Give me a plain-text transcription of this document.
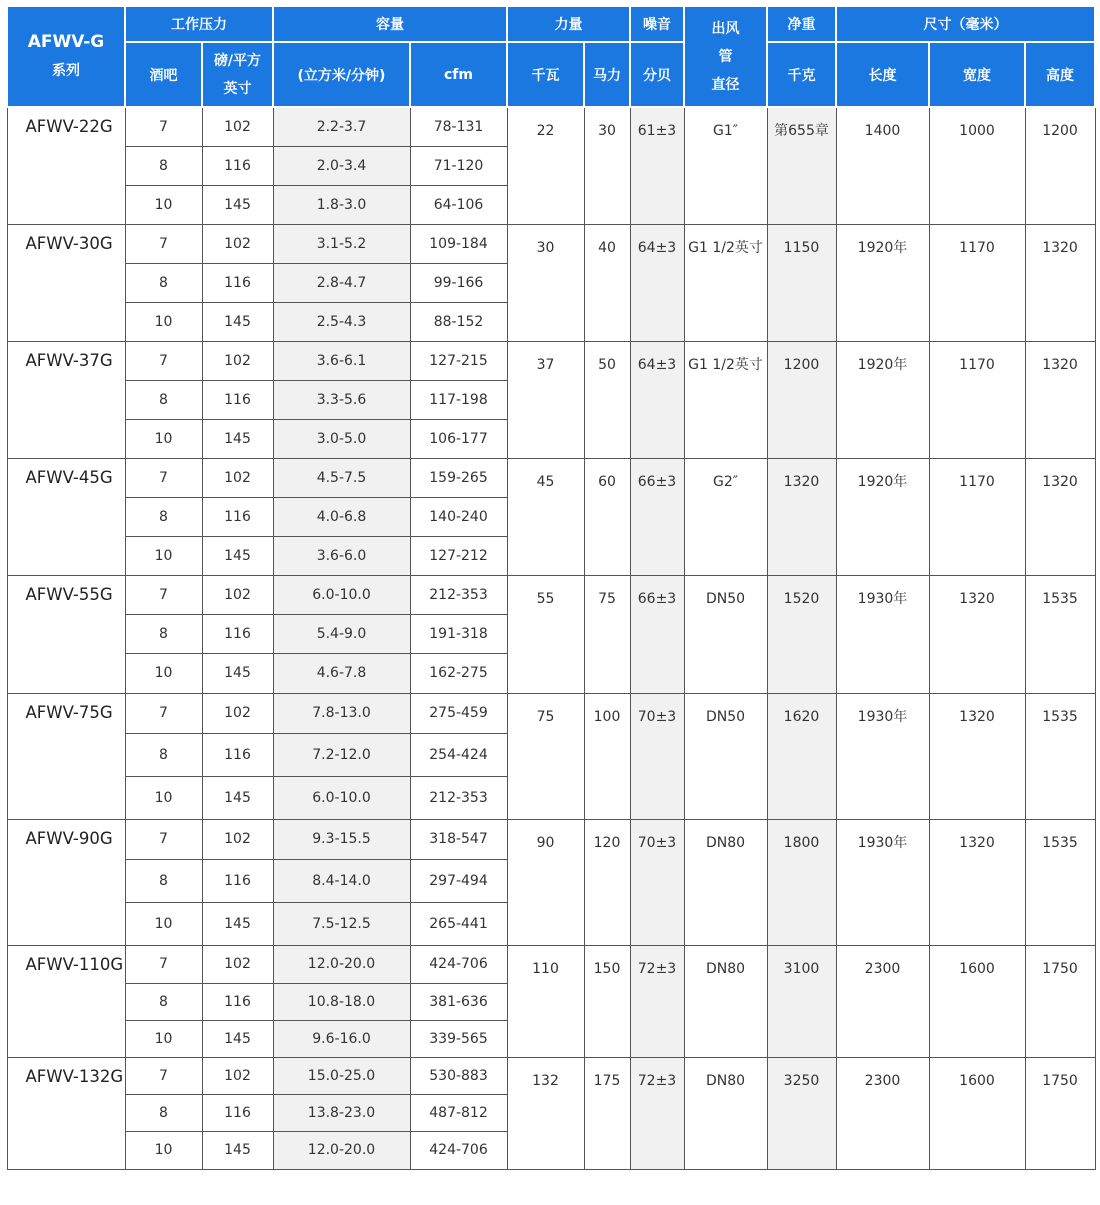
AFWV-G
系列	工作压力		容量		力量		噪音	出风
管
直径	净重	尺寸（毫米）		
	酒吧	磅/平方
英寸	(立方米/分钟)	cfm	千瓦	马力	分贝		千克	长度	宽度	高度
AFWV-22G	7	102	2.2-3.7	78-131	22	30	61±3	G1″	第655章	1400	1000	1200
	8	116	2.0-3.4	71-120								
	10	145	1.8-3.0	64-106								
AFWV-30G	7	102	3.1-5.2	109-184	30	40	64±3	G1 1/2英寸	1150	1920年	1170	1320
	8	116	2.8-4.7	99-166								
	10	145	2.5-4.3	88-152								
AFWV-37G	7	102	3.6-6.1	127-215	37	50	64±3	G1 1/2英寸	1200	1920年	1170	1320
	8	116	3.3-5.6	117-198								
	10	145	3.0-5.0	106-177								
AFWV-45G	7	102	4.5-7.5	159-265	45	60	66±3	G2″	1320	1920年	1170	1320
	8	116	4.0-6.8	140-240								
	10	145	3.6-6.0	127-212								
AFWV-55G	7	102	6.0-10.0	212-353	55	75	66±3	DN50	1520	1930年	1320	1535
	8	116	5.4-9.0	191-318								
	10	145	4.6-7.8	162-275								
AFWV-75G	7	102	7.8-13.0	275-459	75	100	70±3	DN50	1620	1930年	1320	1535
	8	116	7.2-12.0	254-424								
	10	145	6.0-10.0	212-353								
AFWV-90G	7	102	9.3-15.5	318-547	90	120	70±3	DN80	1800	1930年	1320	1535
	8	116	8.4-14.0	297-494								
	10	145	7.5-12.5	265-441								
AFWV-110G	7	102	12.0-20.0	424-706	110	150	72±3	DN80	3100	2300	1600	1750
	8	116	10.8-18.0	381-636								
	10	145	9.6-16.0	339-565								
AFWV-132G	7	102	15.0-25.0	530-883	132	175	72±3	DN80	3250	2300	1600	1750
	8	116	13.8-23.0	487-812								
	10	145	12.0-20.0	424-706								
